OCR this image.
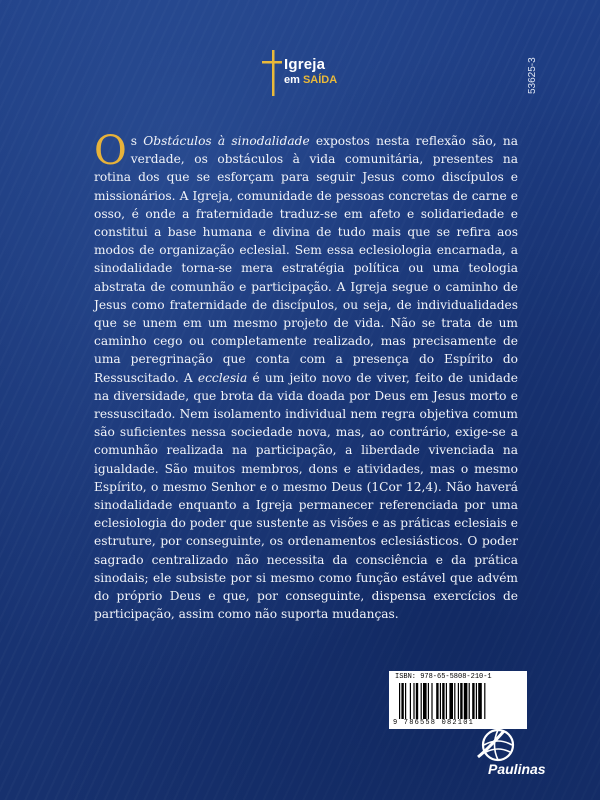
Igreja
em SAÍDA	53625-3
Os Obstáculos à sinodalidade expostos nesta reflexão são, na verdade, os obstáculos à vida comunitária, presentes na rotina dos que se esforçam para seguir Jesus como discípulos e missionários. A Igreja, comunidade de pessoas concretas de carne e osso, é onde a fraternidade traduz-se em afeto e solidariedade e constitui a base humana e divina de tudo mais que se refira aos modos de organização eclesial. Sem essa eclesiologia encarnada, a sinodalidade torna-se mera estratégia política ou uma teologia abstrata de comunhão e participação. A Igreja segue o caminho de Jesus como fraternidade de discípulos, ou seja, de individualidades que se unem em um mesmo projeto de vida. Não se trata de um caminho cego ou completamente realizado, mas precisamente de uma peregrinação que conta com a presença do Espírito do Ressuscitado. A ecclesia é um jeito novo de viver, feito de unidade na diversidade, que brota da vida doada por Deus em Jesus morto e ressuscitado. Nem isolamento individual nem regra objetiva comum são suficientes nessa sociedade nova, mas, ao contrário, exige-se a comunhão realizada na participação, a liberdade vivenciada na igualdade. São muitos membros, dons e atividades, mas o mesmo Espírito, o mesmo Senhor e o mesmo Deus (1Cor 12,4). Não haverá sinodalidade enquanto a Igreja permanecer referenciada por uma eclesiologia do poder que sustente as visões e as práticas eclesiais e estruture, por conseguinte, os ordenamentos eclesiásticos. O poder sagrado centralizado não necessita da consciência e da prática sinodais; ele subsiste por si mesmo como função estável que advém do próprio Deus e que, por conseguinte, dispensa exercícios de participação, assim como não suporta mudanças.
ISBN: 978-65-5808-210-1
9 786558 082101
Paulinas
